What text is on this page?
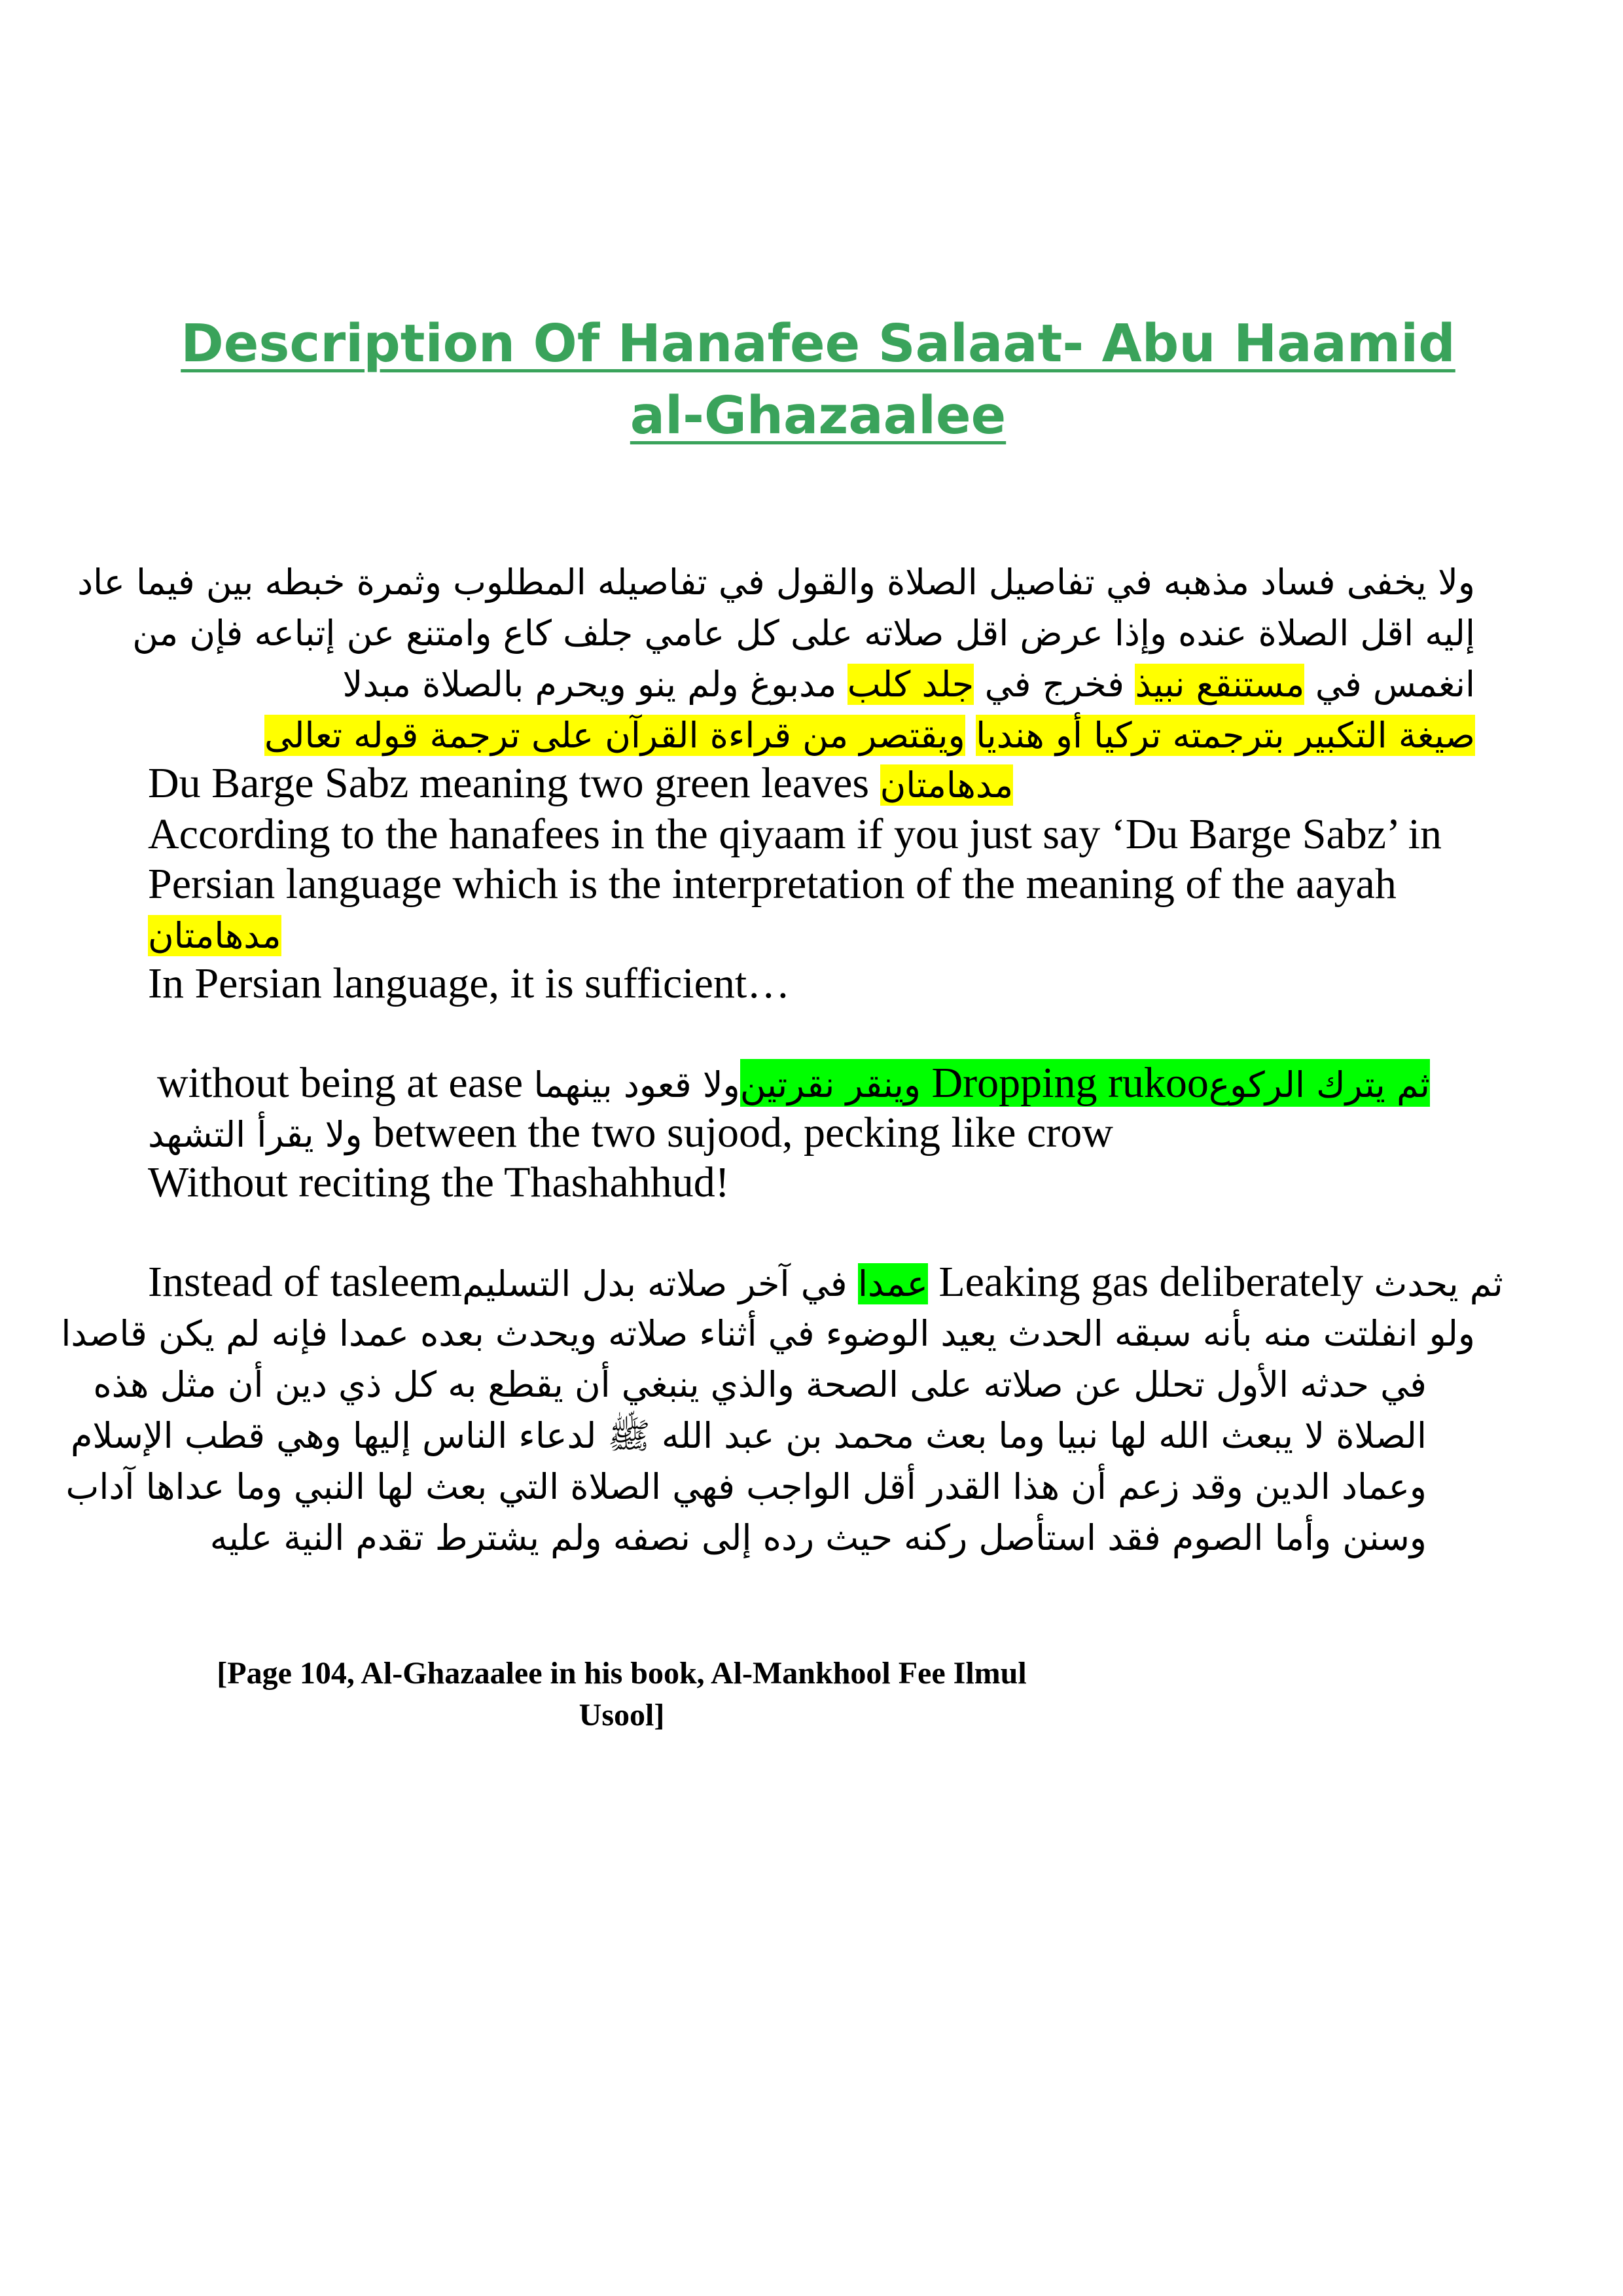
Description Of Hanafee Salaat- Abu Haamid al-Ghazaalee
ولا يخفى فساد مذهبه في تفاصيل الصلاة والقول في تفاصيله المطلوب وثمرة خبطه بين فيما عاد
إليه اقل الصلاة عنده وإذا عرض اقل صلاته على كل عامي جلف كاع وامتنع عن إتباعه فإن من
انغمس في مستنقع نبيذ فخرج في جلد كلب مدبوغ ولم ينو ويحرم بالصلاة مبدلا
صيغة التكبير بترجمته تركيا أو هنديا ويقتصر من قراءة القرآن على ترجمة قوله تعالى
Du Barge Sabz meaning two green leaves مدهامتان
According to the hanafees in the qiyaam if you just say ‘Du Barge Sabz’ in
Persian language which is the interpretation of the meaning of the aayah
مدهامتان
In Persian language, it is sufficient…
without being at ease ولا قعود بينهماوينقر نقرتين Dropping rukooثم يترك الركوع
ولا يقرأ التشهد between the two sujood, pecking like crow
Without reciting the Thashahhud!
Instead of tasleemفي آخر صلاته بدل التسليم عمدا Leaking gas deliberately ثم يحدث
ولو انفلتت منه بأنه سبقه الحدث يعيد الوضوء في أثناء صلاته ويحدث بعده عمدا فإنه لم يكن قاصدا
في حدثه الأول تحلل عن صلاته على الصحة والذي ينبغي أن يقطع به كل ذي دين أن مثل هذه
الصلاة لا يبعث الله لها نبيا وما بعث محمد بن عبد الله ﷺ لدعاء الناس إليها وهي قطب الإسلام
وعماد الدين وقد زعم أن هذا القدر أقل الواجب فهي الصلاة التي بعث لها النبي وما عداها آداب
وسنن وأما الصوم فقد استأصل ركنه حيث رده إلى نصفه ولم يشترط تقدم النية عليه
[Page 104, Al-Ghazaalee in his book, Al-Mankhool Fee Ilmul
Usool]
